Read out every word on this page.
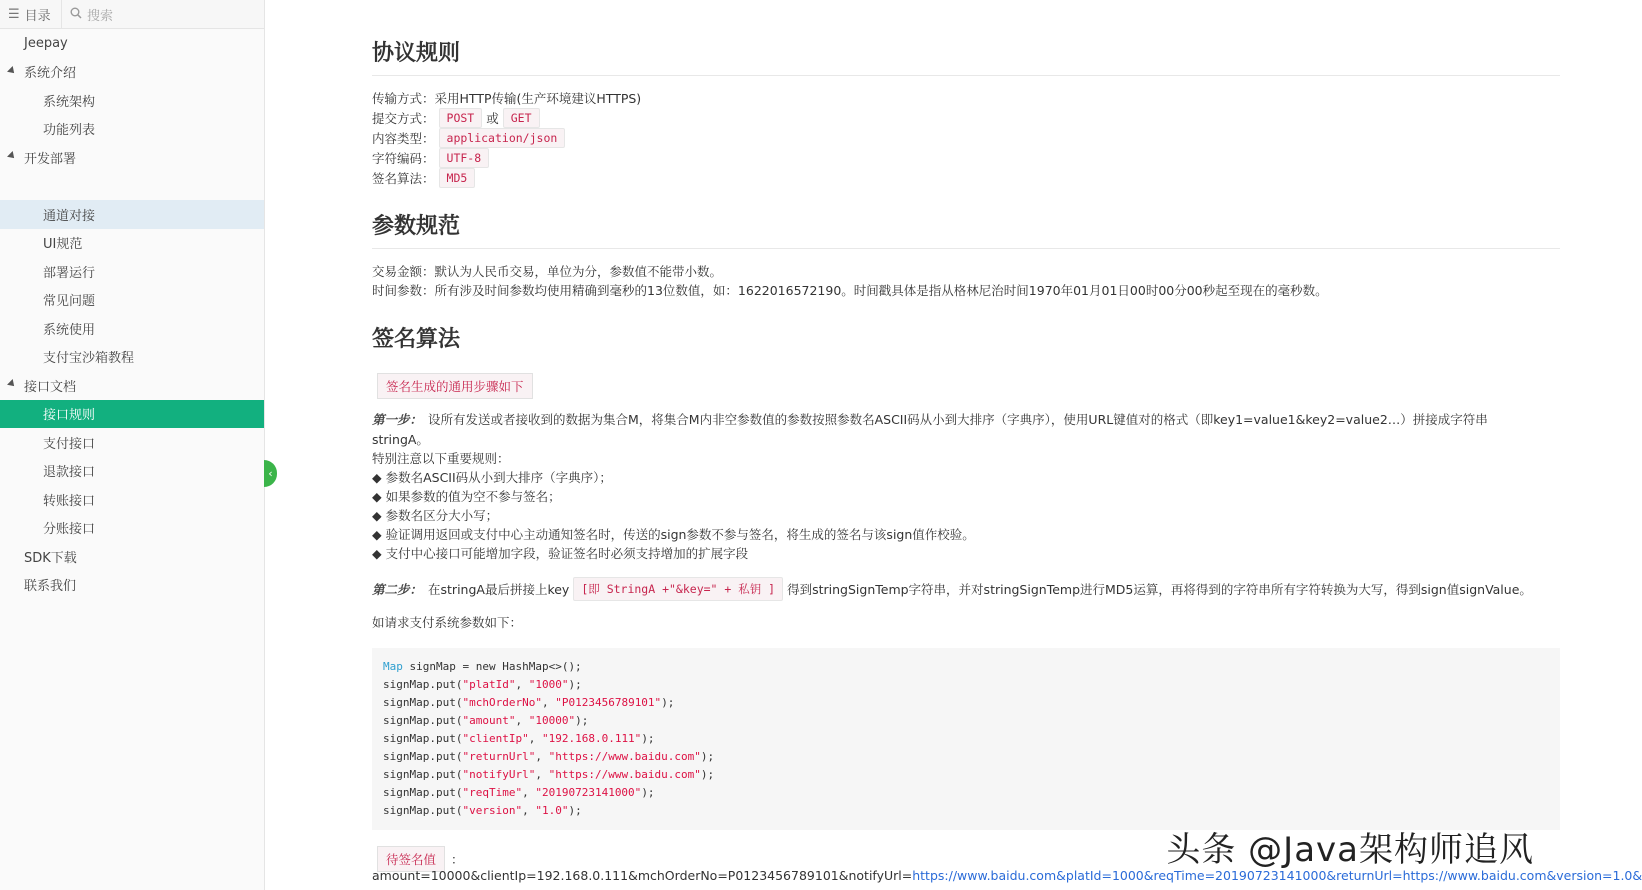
☰ 目录	搜索
Jeepay
系统介绍
系统架构
功能列表
开发部署
通道对接
UI规范
部署运行
常见问题
系统使用
支付宝沙箱教程
接口文档
接口规则
支付接口
退款接口
转账接口
分账接口
SDK下载
联系我们
‹
协议规则
传输方式： 采用HTTP传输(生产环境建议HTTPS)
提交方式：	POST 或	GET
内容类型：	application/json
字符编码：	UTF-8
签名算法：	MD5
参数规范
交易金额：默认为人民币交易，单位为分，参数值不能带小数。
时间参数：所有涉及时间参数均使用精确到毫秒的13位数值，如：1622016572190。时间戳具体是指从格林尼治时间1970年01月01日00时00分00秒起至现在的毫秒数。
签名算法
签名生成的通用步骤如下
第一步： 设所有发送或者接收到的数据为集合M，将集合M内非空参数值的参数按照参数名ASCII码从小到大排序（字典序），使用URL键值对的格式（即key1=value1&key2=value2…）拼接成字符串
stringA。
特别注意以下重要规则：
◆ 参数名ASCII码从小到大排序（字典序）；
◆ 如果参数的值为空不参与签名；
◆ 参数名区分大小写；
◆ 验证调用返回或支付中心主动通知签名时，传送的sign参数不参与签名，将生成的签名与该sign值作校验。
◆ 支付中心接口可能增加字段，验证签名时必须支持增加的扩展字段
第二步： 在stringA最后拼接上key	[即 StringA +"&key=" + 私钥 ] 得到stringSignTemp字符串，并对stringSignTemp进行MD5运算，再将得到的字符串所有字符转换为大写，得到sign值signValue。
如请求支付系统参数如下：
Map signMap = new HashMap<>();
signMap.put("platId", "1000");
signMap.put("mchOrderNo", "P0123456789101");
signMap.put("amount", "10000");
signMap.put("clientIp", "192.168.0.111");
signMap.put("returnUrl", "https://www.baidu.com");
signMap.put("notifyUrl", "https://www.baidu.com");
signMap.put("reqTime", "20190723141000");
signMap.put("version", "1.0");
待签名值	：
amount=10000&clientIp=192.168.0.111&mchOrderNo=P0123456789101&notifyUrl= https://www.baidu.com&platId=1000&reqTime=20190723141000&returnUrl=https://www.baidu.com&version=1.0&
头条 @Java架构师追风
